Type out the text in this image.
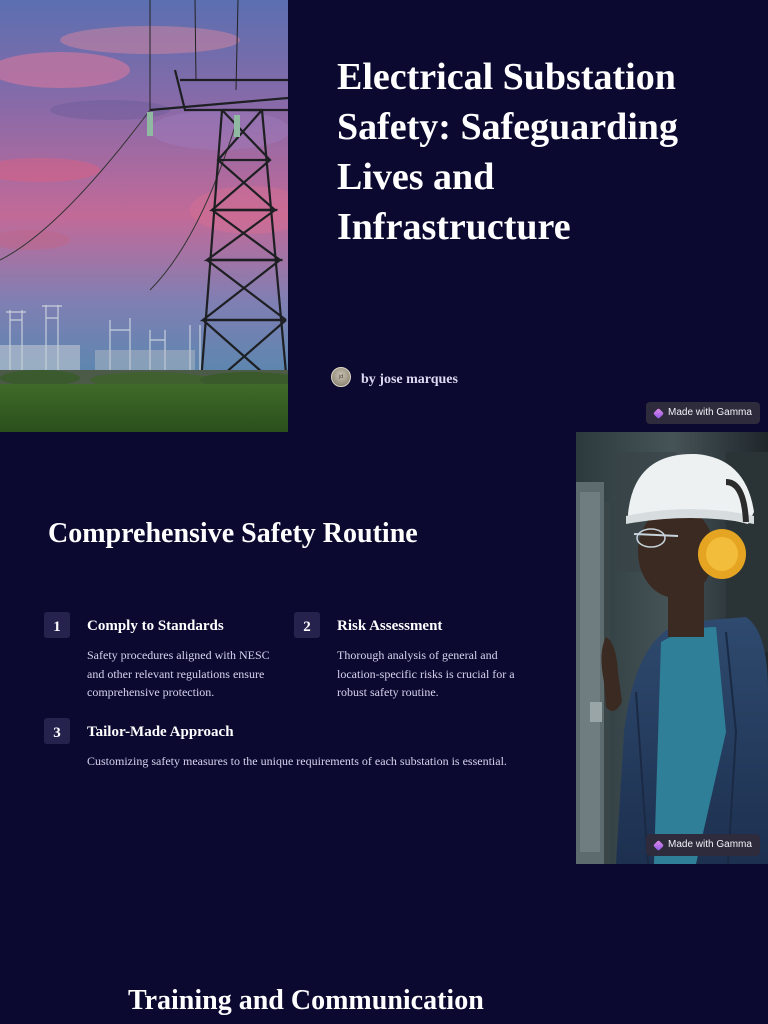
Electrical Substation Safety: Safeguarding Lives and Infrastructure
jd	by jose marques
Made with Gamma
Comprehensive Safety Routine
1	Comply to Standards
Safety procedures aligned with NESC and other relevant regulations ensure comprehensive protection.
2	Risk Assessment
Thorough analysis of general and location-specific risks is crucial for a robust safety routine.
3	Tailor-Made Approach
Customizing safety measures to the unique requirements of each substation is essential.
Made with Gamma
Training and Communication
